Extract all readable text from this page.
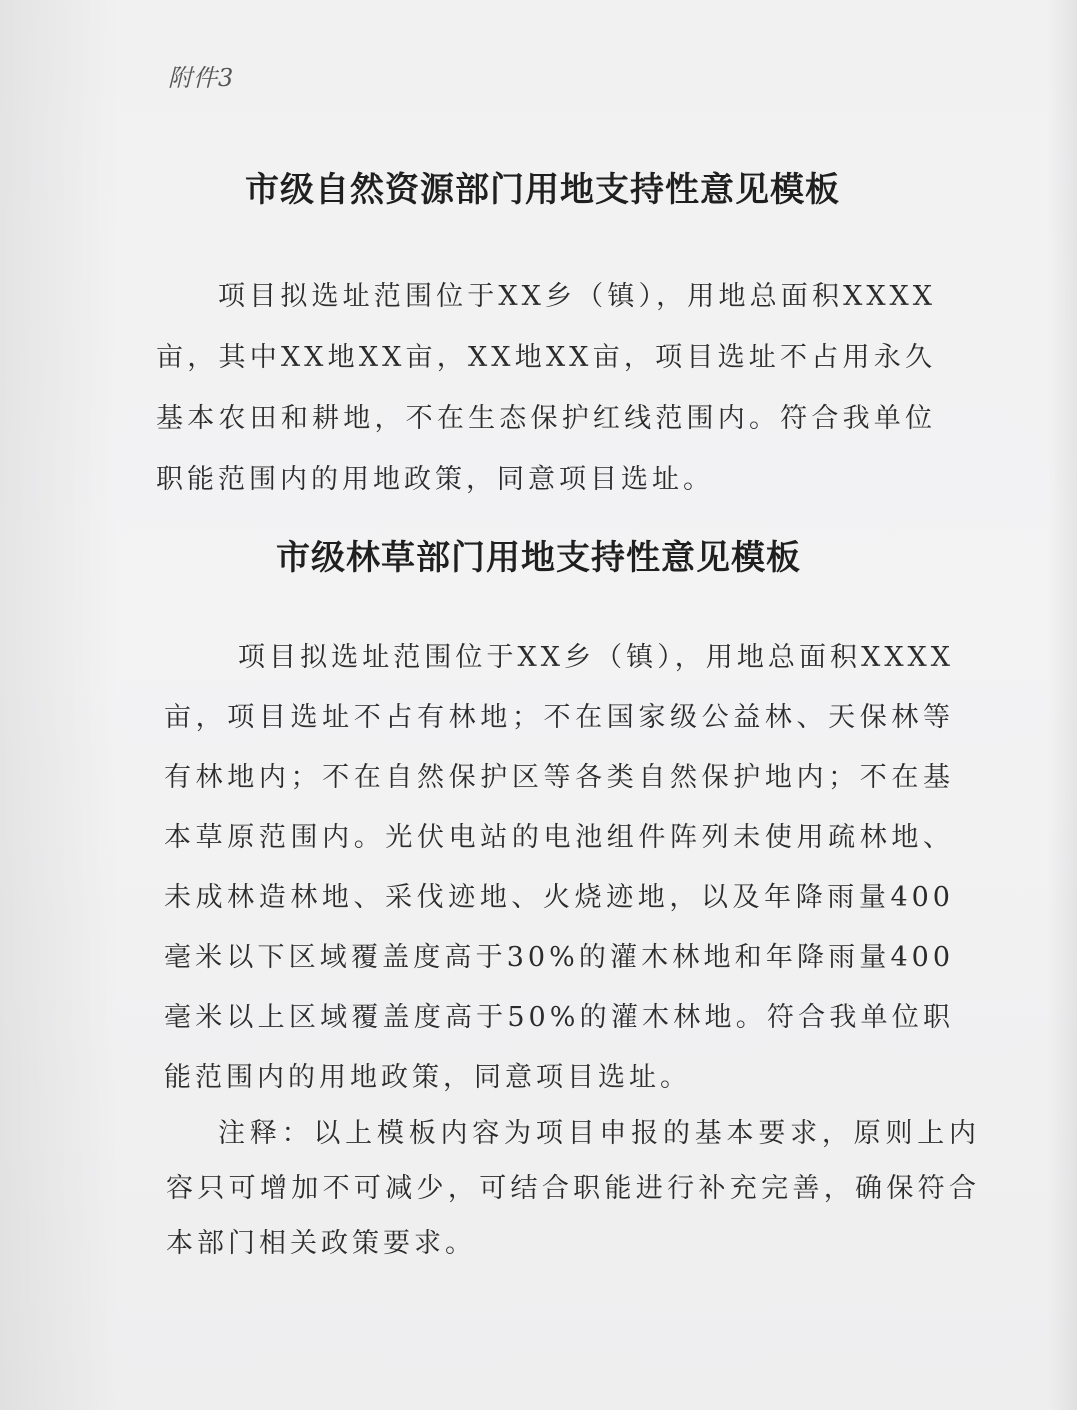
附件3
市级自然资源部门用地支持性意见模板

项目拟选址范围位于XX乡（镇），用地总面积XXXX亩，其中XX地XX亩，XX地XX亩，项目选址不占用永久基本农田和耕地，不在生态保护红线范围内。符合我单位职能范围内的用地政策，同意项目选址。

市级林草部门用地支持性意见模板

项目拟选址范围位于XX乡（镇），用地总面积XXXX亩，项目选址不占有林地；不在国家级公益林、天保林等有林地内；不在自然保护区等各类自然保护地内；不在基本草原范围内。光伏电站的电池组件阵列未使用疏林地、未成林造林地、采伐迹地、火烧迹地，以及年降雨量400毫米以下区域覆盖度高于30%的灌木林地和年降雨量400毫米以上区域覆盖度高于50%的灌木林地。符合我单位职能范围内的用地政策，同意项目选址。

注释：以上模板内容为项目申报的基本要求，原则上内容只可增加不可减少，可结合职能进行补充完善，确保符合本部门相关政策要求。
